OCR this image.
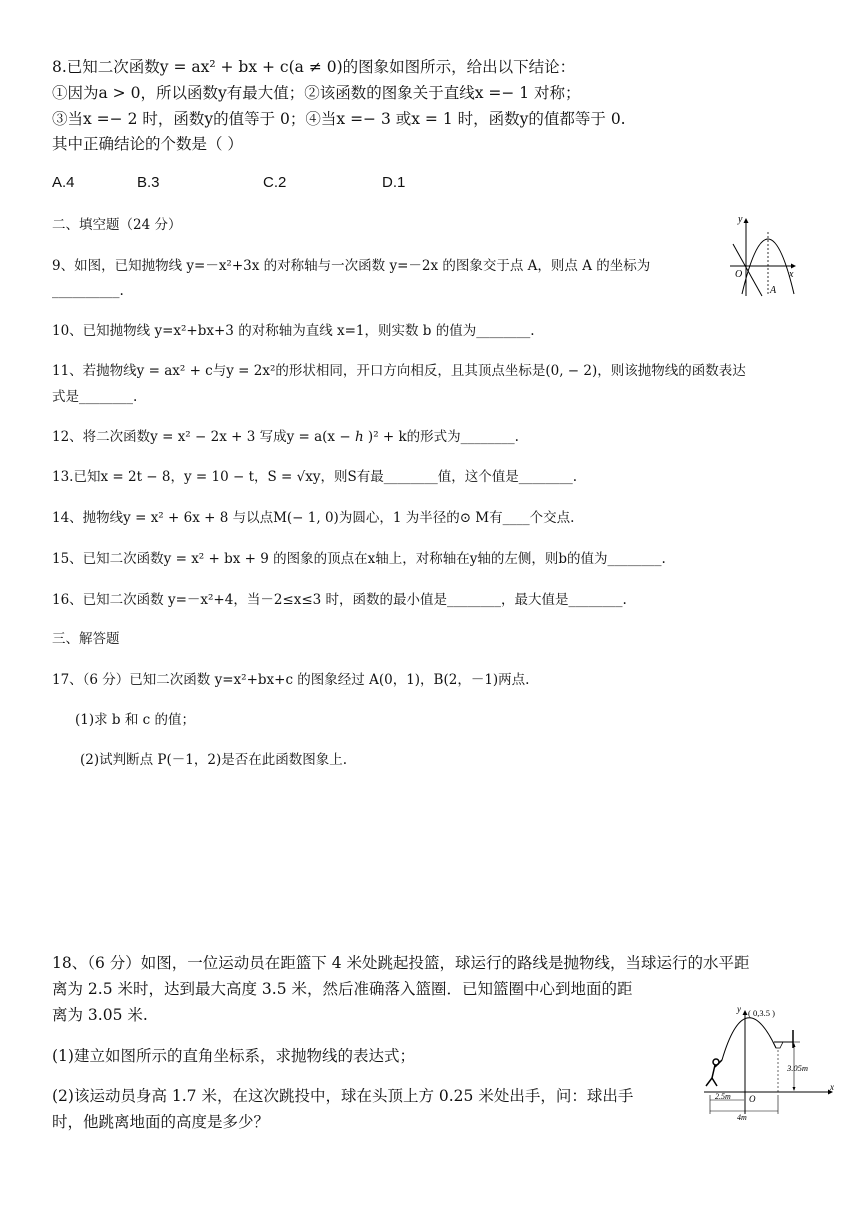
8.已知二次函数y = ax² + bx + c(a ≠ 0)的图象如图所示，给出以下结论：
①因为a > 0，所以函数y有最大值；②该函数的图象关于直线x =− 1 对称；
③当x =− 2 时，函数y的值等于 0；④当x =− 3 或x = 1 时，函数y的值都等于 0.
其中正确结论的个数是（ ）
A.4	B.3	C.2	D.1
二、填空题（24 分）
9、如图，已知抛物线 y=－x²+3x 的对称轴与一次函数 y=－2x 的图象交于点 A，则点 A 的坐标为
__________.
y
x
O
A
10、已知抛物线 y=x²+bx+3 的对称轴为直线 x=1，则实数 b 的值为________.
11、若抛物线y = ax² + c与y = 2x²的形状相同，开口方向相反，且其顶点坐标是(0, − 2)，则该抛物线的函数表达
式是________.
12、将二次函数y = x² − 2x + 3 写成y = a(x − ℎ )² + k的形式为________.
13.已知x = 2t − 8，y = 10 − t，S = √xy，则S有最________值，这个值是________.
14、抛物线y = x² + 6x + 8 与以点M(− 1, 0)为圆心，1 为半径的⊙ M有____个交点.
15、已知二次函数y = x² + bx + 9 的图象的顶点在x轴上，对称轴在y轴的左侧，则b的值为________.
16、已知二次函数 y=－x²+4，当－2≤x≤3 时，函数的最小值是________，最大值是________.
三、解答题
17、（6 分）已知二次函数 y=x²+bx+c 的图象经过 A(0，1)，B(2，－1)两点.
(1)求 b 和 c 的值；
(2)试判断点 P(－1，2)是否在此函数图象上.
18、（6 分）如图，一位运动员在距篮下 4 米处跳起投篮，球运行的路线是抛物线，当球运行的水平距
离为 2.5 米时，达到最大高度 3.5 米，然后准确落入篮圈．已知篮圈中心到地面的距
离为 3.05 米.
(1)建立如图所示的直角坐标系，求抛物线的表达式；
(2)该运动员身高 1.7 米，在这次跳投中，球在头顶上方 0.25 米处出手，问：球出手
时，他跳离地面的高度是多少？
y
x
O
( 0,3.5 )
3.05m
2.5m
4m
